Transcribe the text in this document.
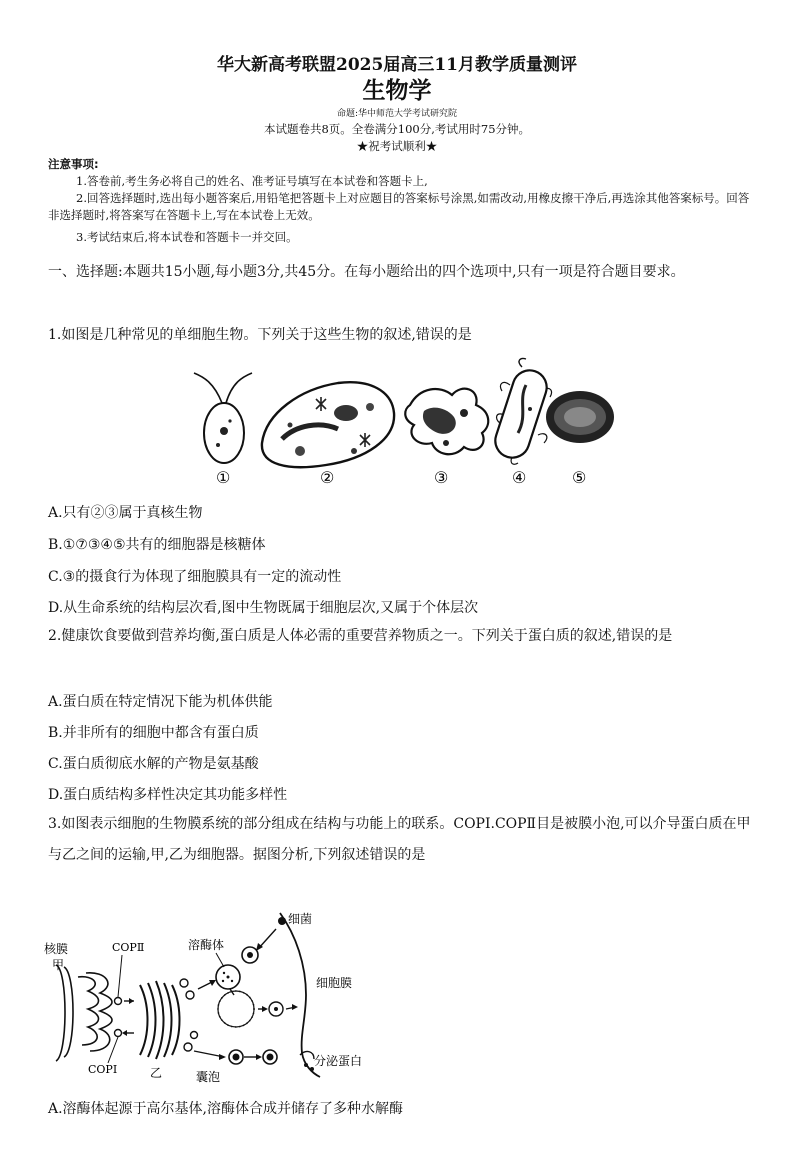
华大新高考联盟2025届高三11月教学质量测评
生物学
命题:华中师范大学考试研究院
本试题卷共8页。全卷满分100分,考试用时75分钟。
★祝考试顺利★
注意事项:
1.答卷前,考生务必将自己的姓名、准考证号填写在本试卷和答题卡上,
2.回答选择题时,选出每小题答案后,用铅笔把答题卡上对应题目的答案标号涂黑,如需改动,用橡皮擦干净后,再选涂其他答案标号。回答非选择题时,将答案写在答题卡上,写在本试卷上无效。
3.考试结束后,将本试卷和答题卡一并交回。
一、选择题:本题共15小题,每小题3分,共45分。在每小题给出的四个选项中,只有一项是符合题目要求。
1.如图是几种常见的单细胞生物。下列关于这些生物的叙述,错误的是
①	②	③	④	⑤
A.只有②③属于真核生物
B.①⑦③④⑤共有的细胞器是核糖体
C.③的摄食行为体现了细胞膜具有一定的流动性
D.从生命系统的结构层次看,图中生物既属于细胞层次,又属于个体层次
2.健康饮食要做到营养均衡,蛋白质是人体必需的重要营养物质之一。下列关于蛋白质的叙述,错误的是
A.蛋白质在特定情况下能为机体供能
B.并非所有的细胞中都含有蛋白质
C.蛋白质彻底水解的产物是氨基酸
D.蛋白质结构多样性决定其功能多样性
3.如图表示细胞的生物膜系统的部分组成在结构与功能上的联系。COPI.COPⅡ目是被膜小泡,可以介导蛋白质在甲与乙之间的运输,甲,乙为细胞器。据图分析,下列叙述错误的是
核膜
甲
COPⅡ
COPⅠ	乙
溶酶体
细菌
细胞膜
囊泡
分泌蛋白
A.溶酶体起源于高尔基体,溶酶体合成并储存了多种水解酶
